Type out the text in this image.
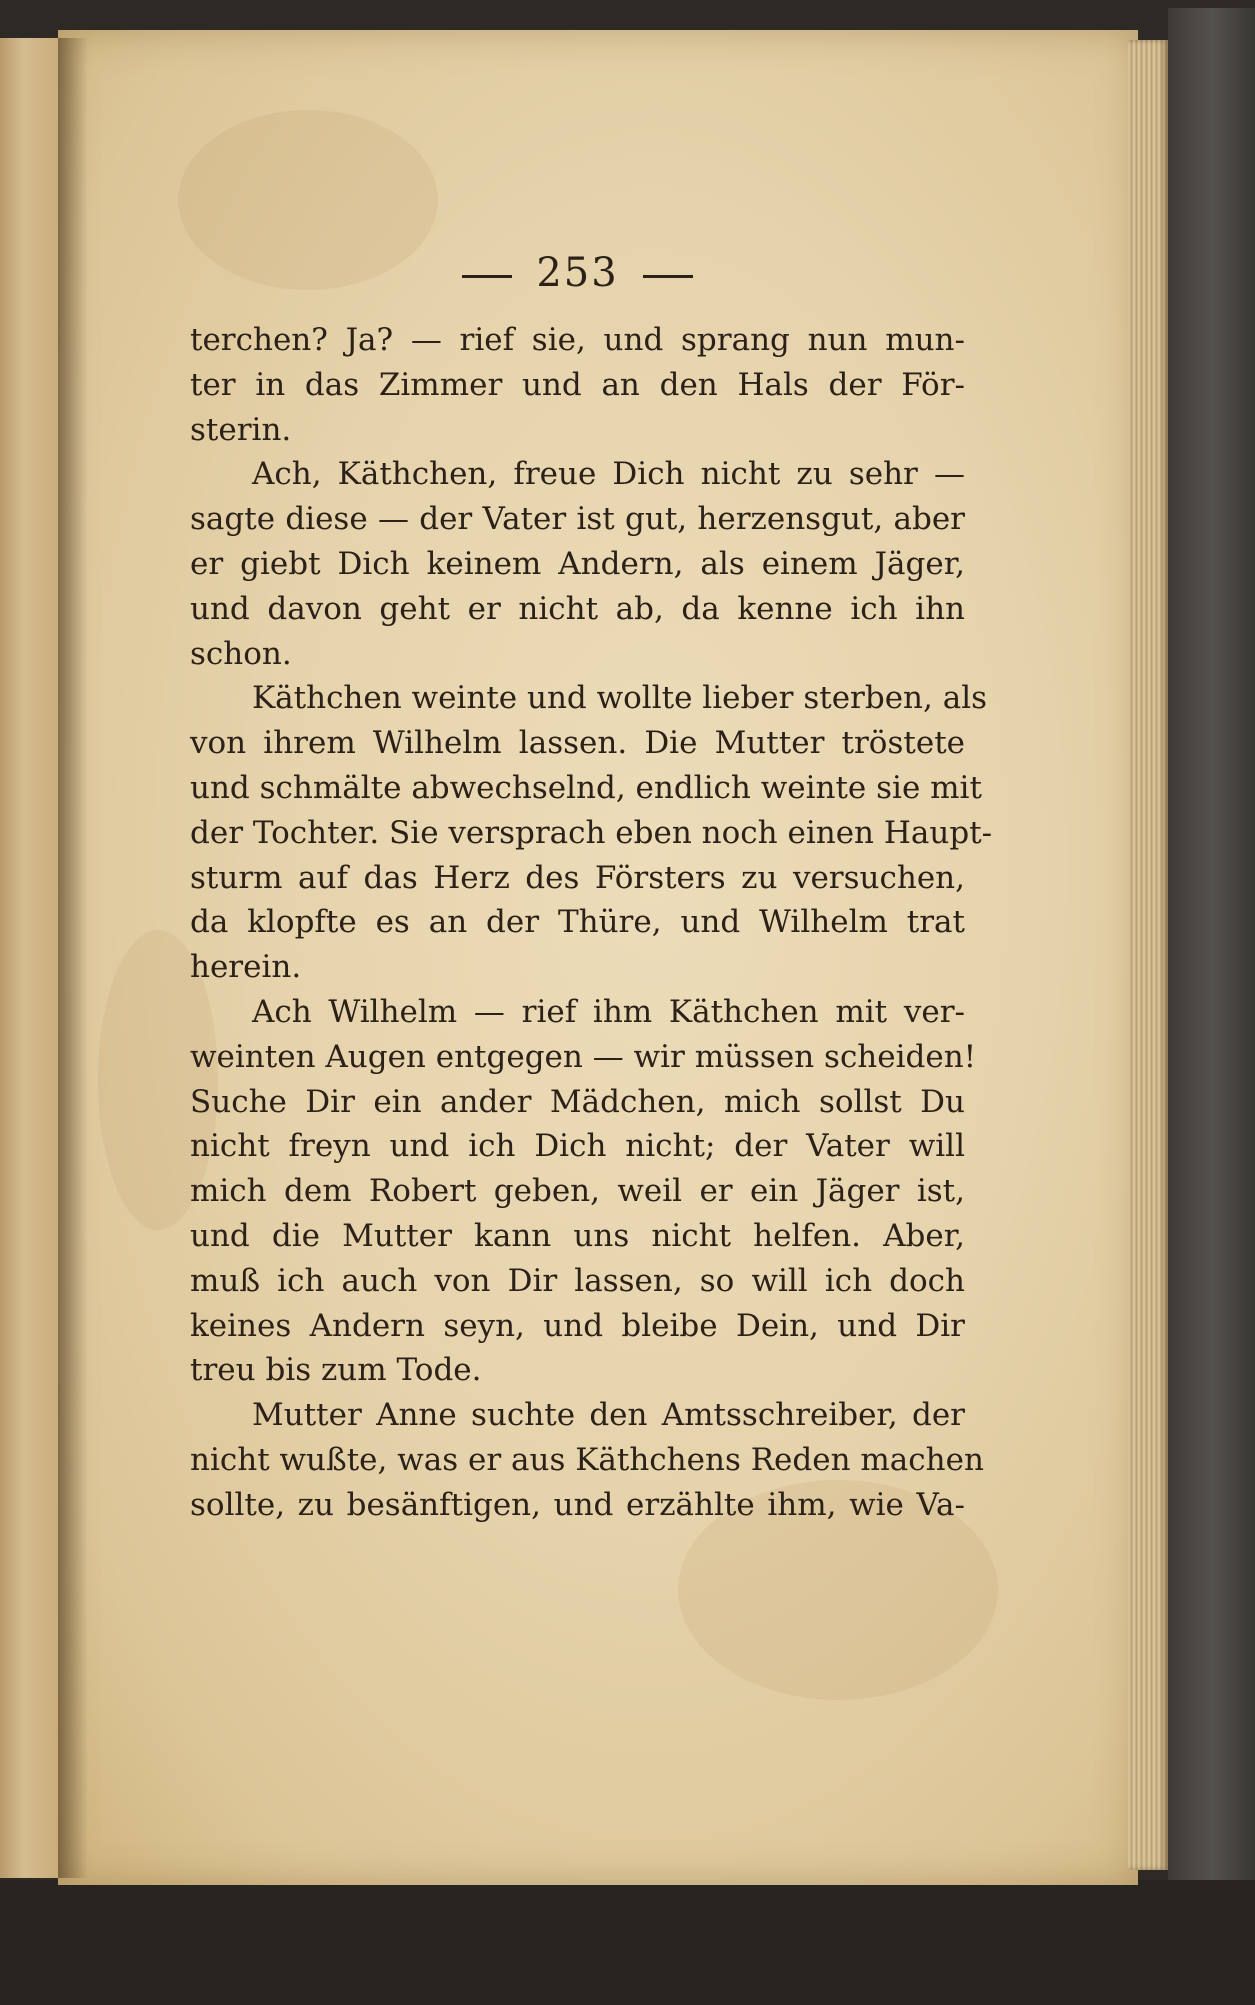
253
terchen? Ja? — rief sie, und sprang nun mun-
ter in das Zimmer und an den Hals der För-
sterin.
Ach, Käthchen, freue Dich nicht zu sehr —
sagte diese — der Vater ist gut, herzensgut, aber
er giebt Dich keinem Andern, als einem Jäger,
und davon geht er nicht ab, da kenne ich ihn
schon.
Käthchen weinte und wollte lieber sterben, als
von ihrem Wilhelm lassen. Die Mutter tröstete
und schmälte abwechselnd, endlich weinte sie mit
der Tochter. Sie versprach eben noch einen Haupt-
sturm auf das Herz des Försters zu versuchen,
da klopfte es an der Thüre, und Wilhelm trat
herein.
Ach Wilhelm — rief ihm Käthchen mit ver-
weinten Augen entgegen — wir müssen scheiden!
Suche Dir ein ander Mädchen, mich sollst Du
nicht freyn und ich Dich nicht; der Vater will
mich dem Robert geben, weil er ein Jäger ist,
und die Mutter kann uns nicht helfen. Aber,
muß ich auch von Dir lassen, so will ich doch
keines Andern seyn, und bleibe Dein, und Dir
treu bis zum Tode.
Mutter Anne suchte den Amtsschreiber, der
nicht wußte, was er aus Käthchens Reden machen
sollte, zu besänftigen, und erzählte ihm, wie Va-
